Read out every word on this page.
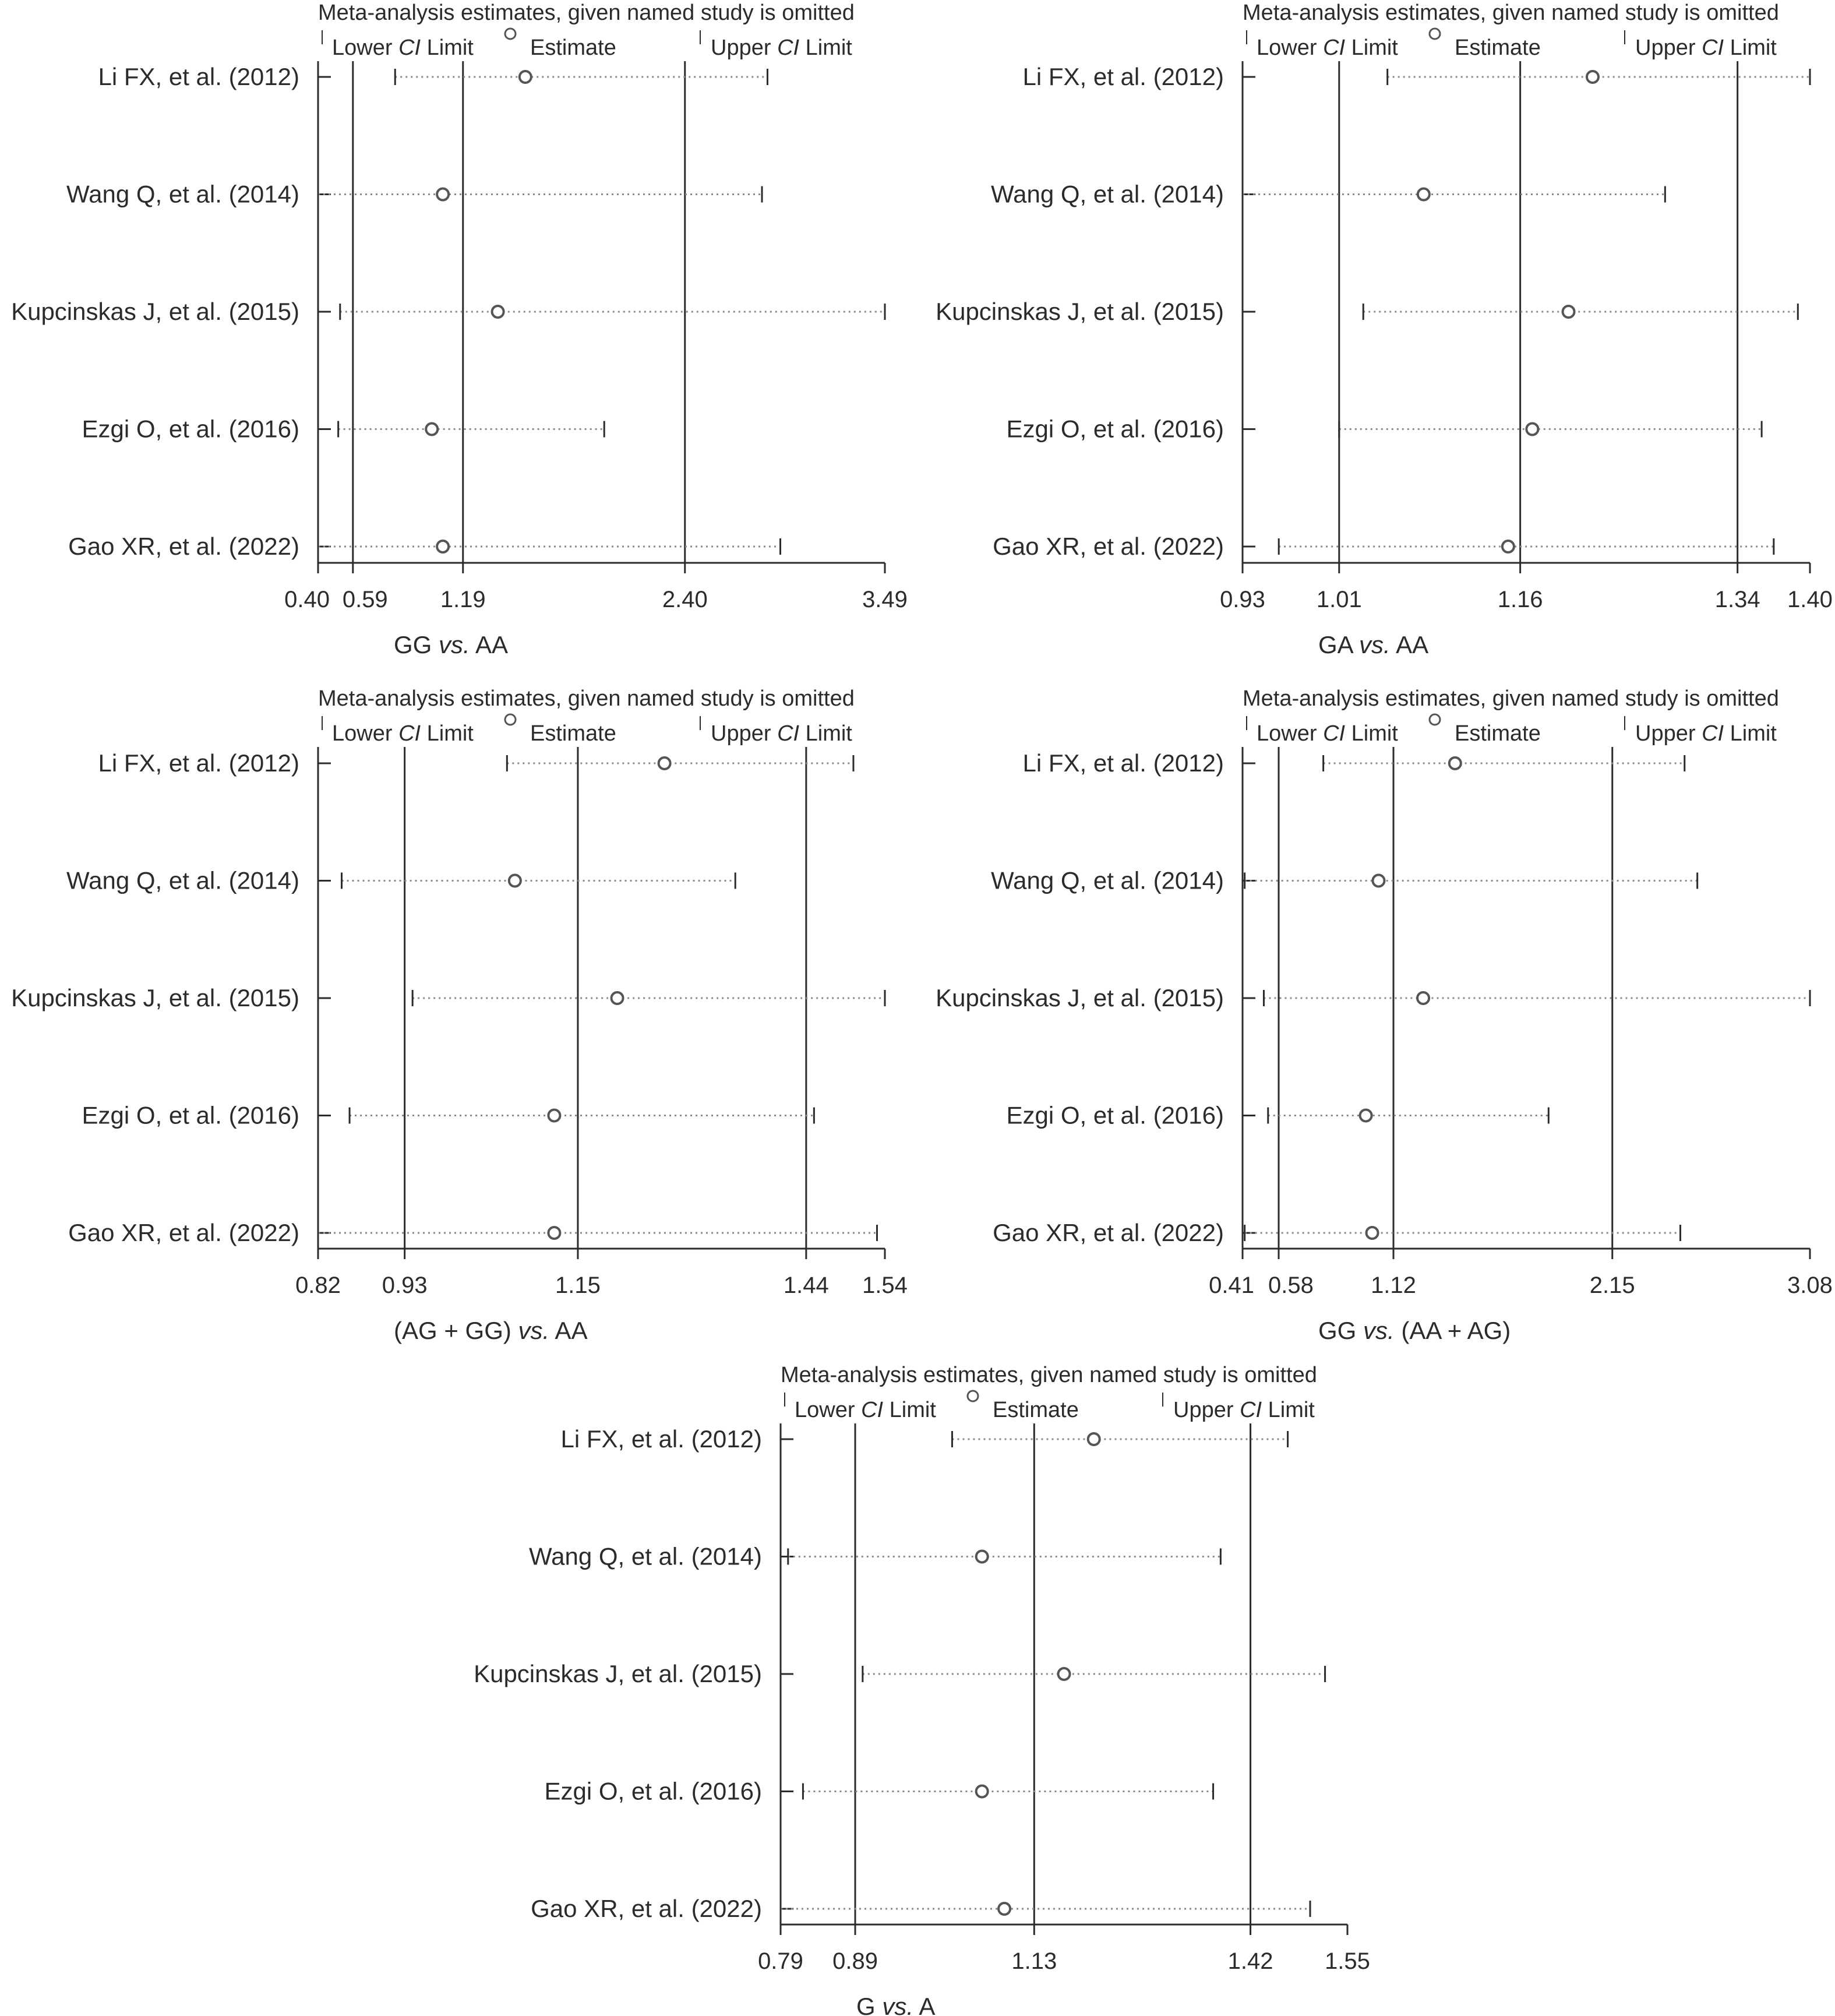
Meta-analysis estimates, given named study is omitted
Lower CI Limit	Estimate	Upper CI Limit
0.40 0.59 1.19	2.40	3.49
GG vs. AA
Li FX, et al. (2012)
Wang Q, et al. (2014)
Kupcinskas J, et al. (2015)
Ezgi O, et al. (2016)
Gao XR, et al. (2022)
Meta-analysis estimates, given named study is omitted
Lower CI Limit	Estimate	Upper CI Limit
0.93 1.01	1.16	1.34 1.40
GA vs. AA
Li FX, et al. (2012)
Wang Q, et al. (2014)
Kupcinskas J, et al. (2015)
Ezgi O, et al. (2016)
Gao XR, et al. (2022)
Meta-analysis estimates, given named study is omitted
Lower CI Limit	Estimate	Upper CI Limit
0.82 0.93	1.15	1.44 1.54
(AG + GG) vs. AA
Li FX, et al. (2012)
Wang Q, et al. (2014)
Kupcinskas J, et al. (2015)
Ezgi O, et al. (2016)
Gao XR, et al. (2022)
Meta-analysis estimates, given named study is omitted
Lower CI Limit	Estimate	Upper CI Limit
0.41 0.58 1.12	2.15	3.08
GG vs. (AA + AG)
Li FX, et al. (2012)
Wang Q, et al. (2014)
Kupcinskas J, et al. (2015)
Ezgi O, et al. (2016)
Gao XR, et al. (2022)
Meta-analysis estimates, given named study is omitted
Lower CI Limit	Estimate	Upper CI Limit
0.79 0.89	1.13	1.42 1.55
G vs. A
Li FX, et al. (2012)
Wang Q, et al. (2014)
Kupcinskas J, et al. (2015)
Ezgi O, et al. (2016)
Gao XR, et al. (2022)
